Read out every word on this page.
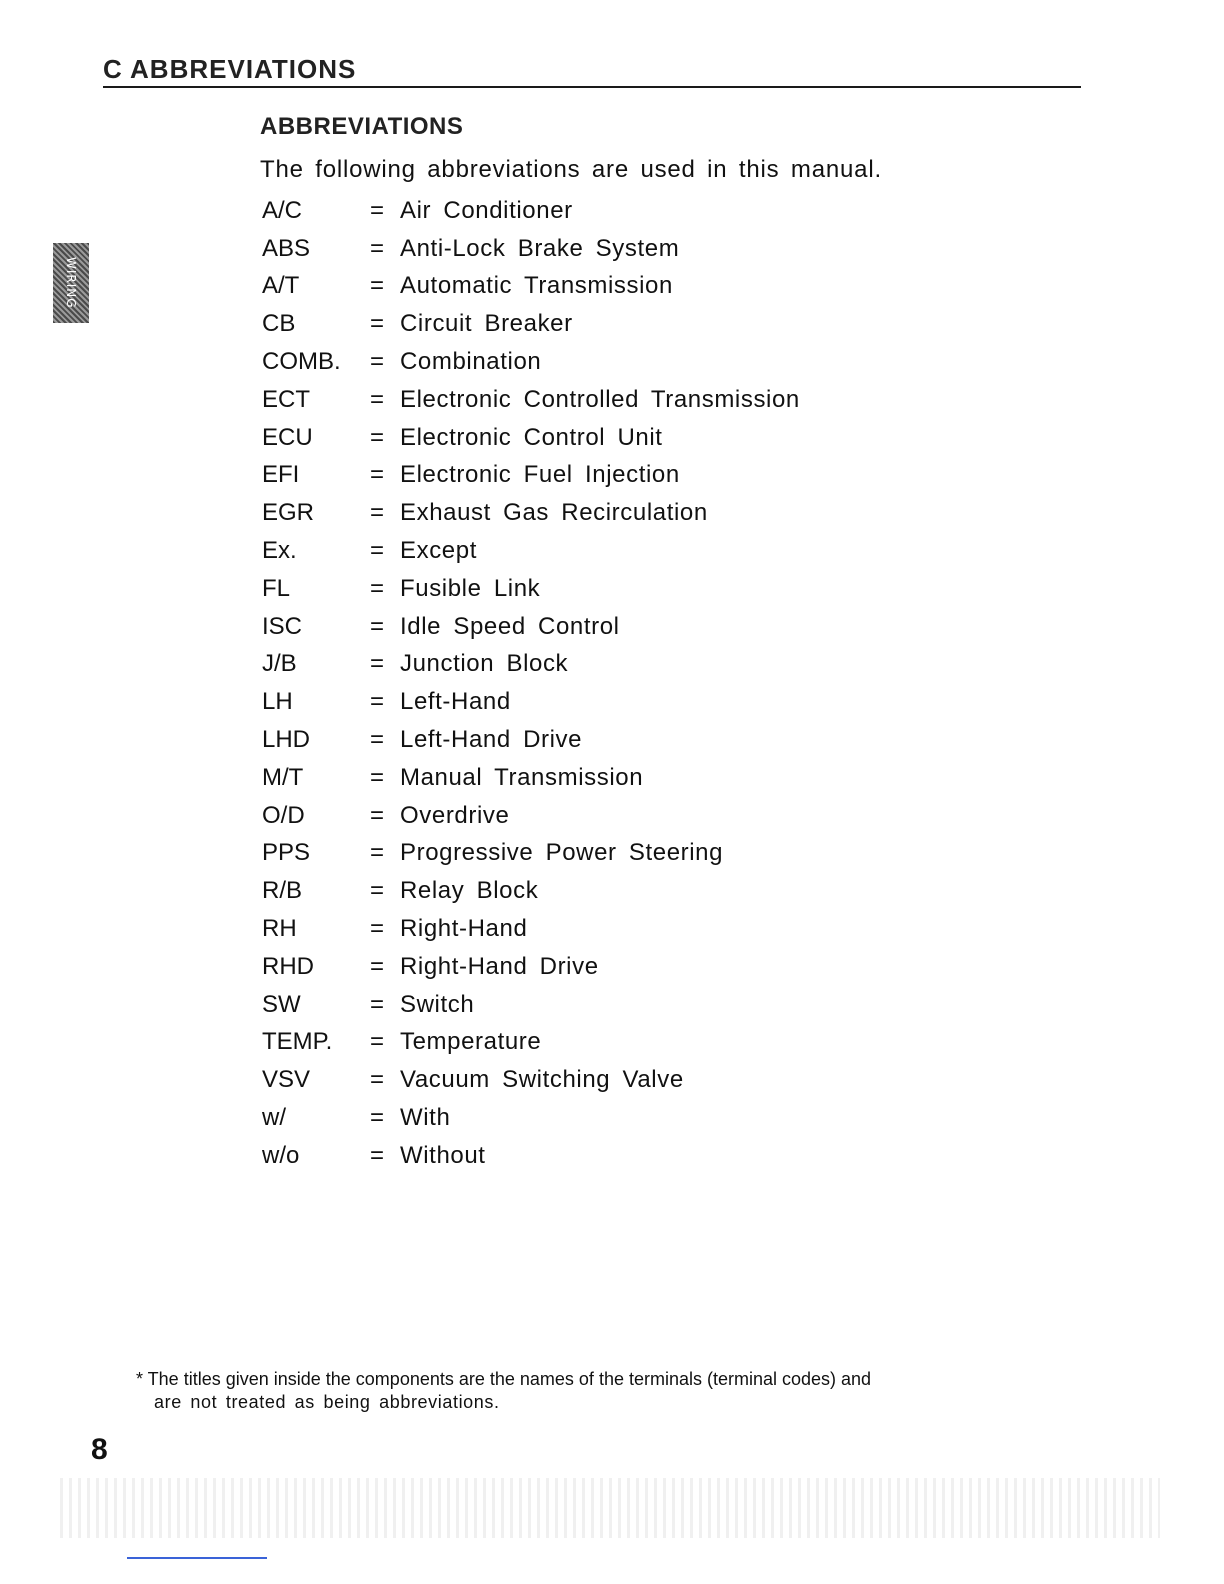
C ABBREVIATIONS
WIRING
ABBREVIATIONS
The following abbreviations are used in this manual.
A/C	= Air Conditioner
ABS	= Anti-Lock Brake System
A/T	= Automatic Transmission
CB	= Circuit Breaker
COMB.	= Combination
ECT	= Electronic Controlled Transmission
ECU	= Electronic Control Unit
EFI	= Electronic Fuel Injection
EGR	= Exhaust Gas Recirculation
Ex.	= Except
FL	= Fusible Link
ISC	= Idle Speed Control
J/B	= Junction Block
LH	= Left-Hand
LHD	= Left-Hand Drive
M/T	= Manual Transmission
O/D	= Overdrive
PPS	= Progressive Power Steering
R/B	= Relay Block
RH	= Right-Hand
RHD	= Right-Hand Drive
SW	= Switch
TEMP.	= Temperature
VSV	= Vacuum Switching Valve
w/	= With
w/o	= Without
* The titles given inside the components are the names of the terminals (terminal codes) and
are not treated as being abbreviations.
8
